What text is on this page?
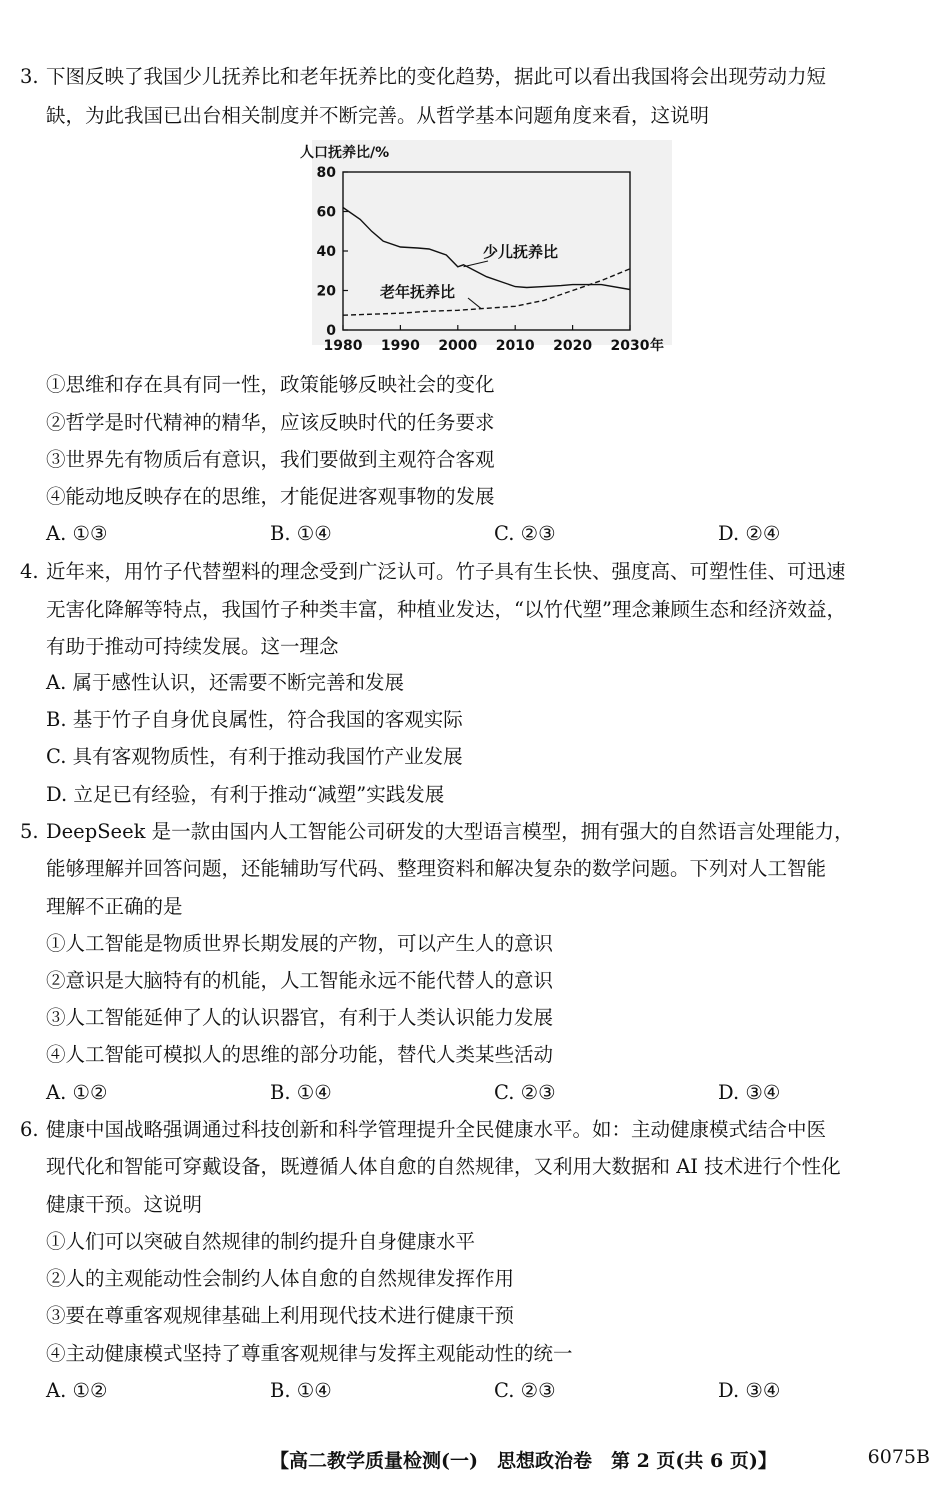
3. 下图反映了我国少儿抚养比和老年抚养比的变化趋势，据此可以看出我国将会出现劳动力短
缺，为此我国已出台相关制度并不断完善。从哲学基本问题角度来看，这说明
人口抚养比/%
0
20
40
60
80
1980 1990 2000 2010 2020 2030 年
少儿抚养比
老年抚养比
①思维和存在具有同一性，政策能够反映社会的变化
②哲学是时代精神的精华，应该反映时代的任务要求
③世界先有物质后有意识，我们要做到主观符合客观
④能动地反映存在的思维，才能促进客观事物的发展
A. ①③	B. ①④	C. ②③	D. ②④
4. 近年来，用竹子代替塑料的理念受到广泛认可。竹子具有生长快、强度高、可塑性佳、可迅速
无害化降解等特点，我国竹子种类丰富，种植业发达，“以竹代塑”理念兼顾生态和经济效益，
有助于推动可持续发展。这一理念
A. 属于感性认识，还需要不断完善和发展
B. 基于竹子自身优良属性，符合我国的客观实际
C. 具有客观物质性，有利于推动我国竹产业发展
D. 立足已有经验，有利于推动“减塑”实践发展
5. DeepSeek 是一款由国内人工智能公司研发的大型语言模型，拥有强大的自然语言处理能力，
能够理解并回答问题，还能辅助写代码、整理资料和解决复杂的数学问题。下列对人工智能
理解不正确的是
①人工智能是物质世界长期发展的产物，可以产生人的意识
②意识是大脑特有的机能，人工智能永远不能代替人的意识
③人工智能延伸了人的认识器官，有利于人类认识能力发展
④人工智能可模拟人的思维的部分功能，替代人类某些活动
A. ①②	B. ①④	C. ②③	D. ③④
6. 健康中国战略强调通过科技创新和科学管理提升全民健康水平。如：主动健康模式结合中医
现代化和智能可穿戴设备，既遵循人体自愈的自然规律，又利用大数据和 AI 技术进行个性化
健康干预。这说明
①人们可以突破自然规律的制约提升自身健康水平
②人的主观能动性会制约人体自愈的自然规律发挥作用
③要在尊重客观规律基础上利用现代技术进行健康干预
④主动健康模式坚持了尊重客观规律与发挥主观能动性的统一
A. ①②	B. ①④	C. ②③	D. ③④
【高二教学质量检测(一)　思想政治卷　第 2 页(共 6 页)】	6075B
